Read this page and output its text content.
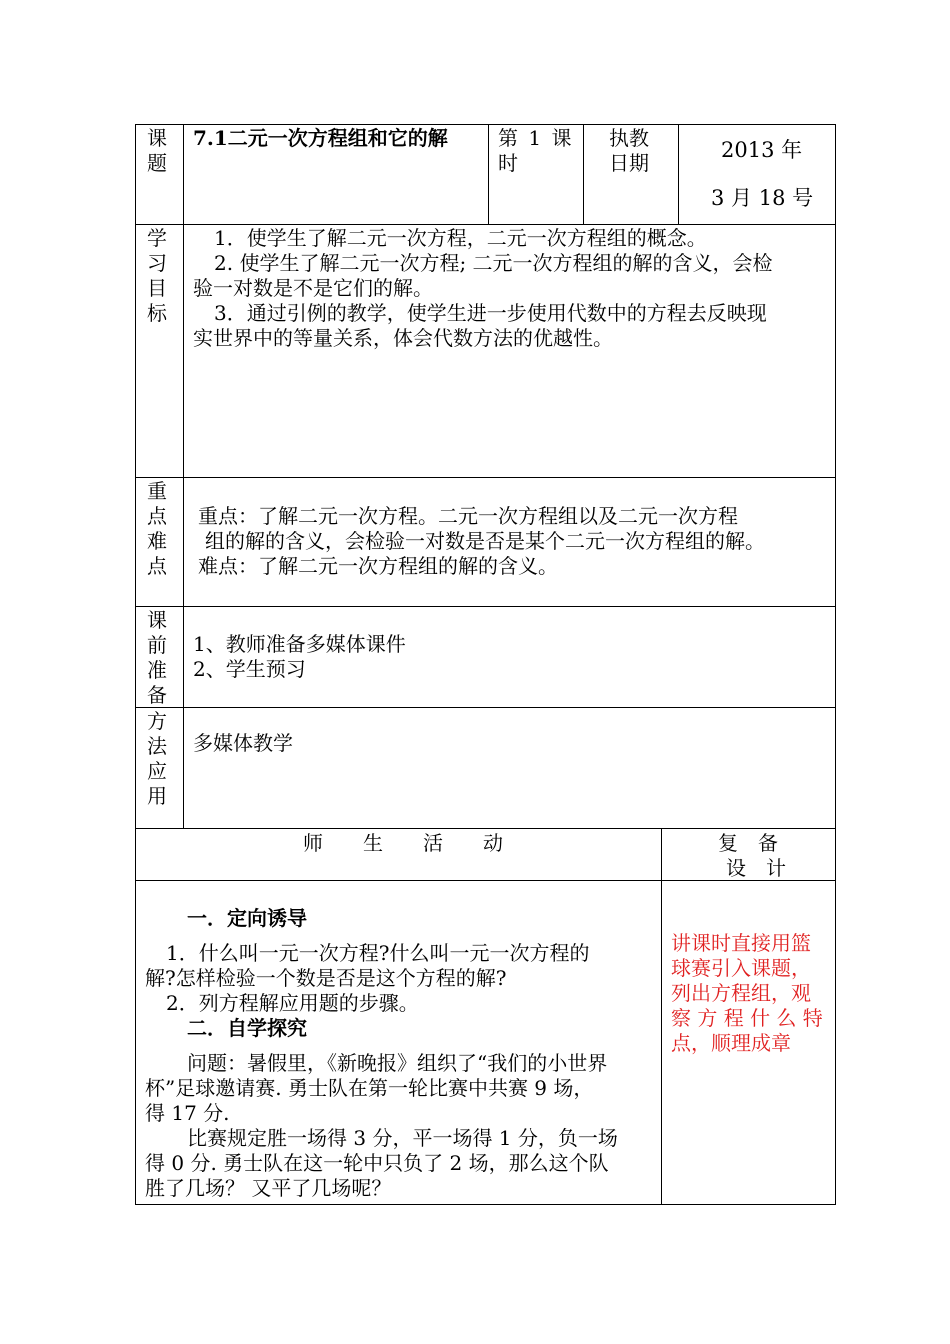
课题
7.1二元一次方程组和它的解	第 1 课时
执教日期
2013 年
3 月 18 号
学习目标
1．使学生了解二元一次方程，二元一次方程组的概念。
2. 使学生了解二元一次方程; 二元一次方程组的解的含义，会检
验一对数是不是它们的解。
3．通过引例的教学，使学生进一步使用代数中的方程去反映现
实世界中的等量关系，体会代数方法的优越性。
重点难点
重点：了解二元一次方程。二元一次方程组以及二元一次方程
组的解的含义，会检验一对数是否是某个二元一次方程组的解。
难点：了解二元一次方程组的解的含义。
课前准备
1、教师准备多媒体课件
2、学生预习
方法应用
多媒体教学
师　　生　　活　　动	复　备
设　计
一．定向诱导
1．什么叫一元一次方程?什么叫一元一次方程的
解?怎样检验一个数是否是这个方程的解?
2．列方程解应用题的步骤。
二．自学探究
问题：暑假里，《新晚报》组织了“我们的小世界
杯”足球邀请赛. 勇士队在第一轮比赛中共赛 9 场，
得 17 分.
比赛规定胜一场得 3 分，平一场得 1 分，负一场
得 0 分. 勇士队在这一轮中只负了 2 场，那么这个队
胜了几场？ 又平了几场呢？
讲课时直接用篮
球赛引入课题，
列出方程组，观
察 方 程 什 么 特
点，顺理成章
